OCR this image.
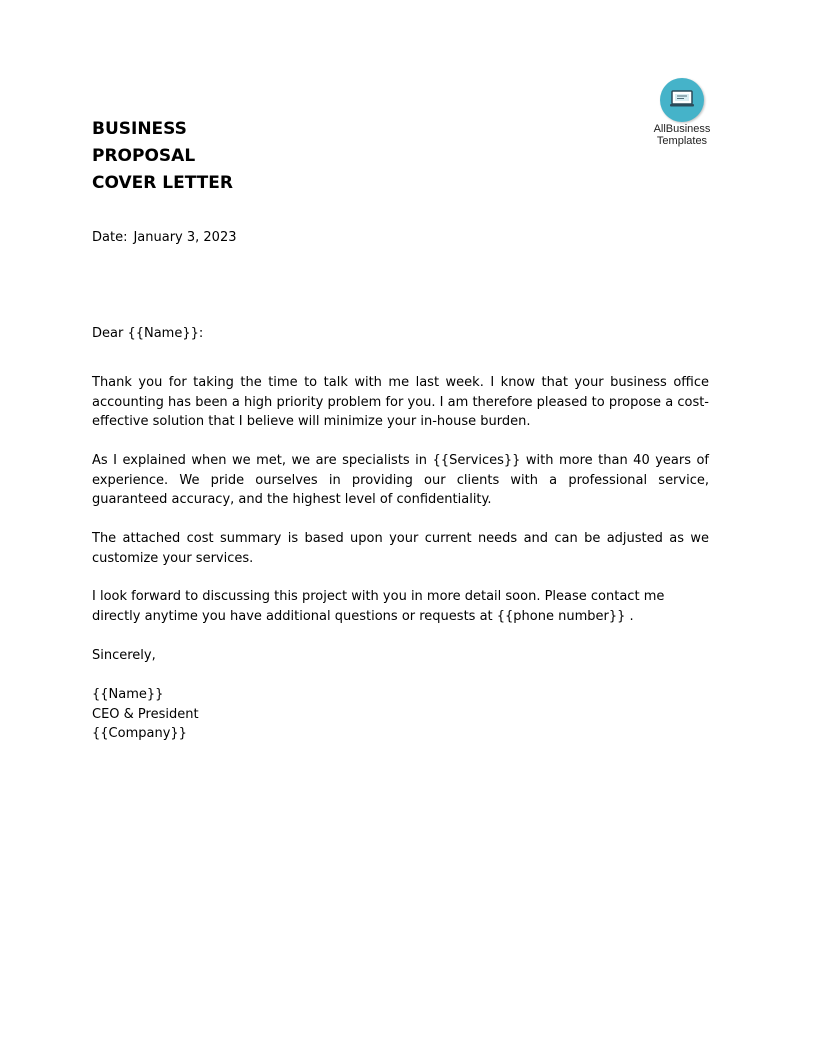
BUSINESS
PROPOSAL
COVER LETTER
AllBusiness
Templates

Date: January 3, 2023

Dear {{Name}}:

Thank you for taking the time to talk with me last week. I know that your business office accounting has been a high priority problem for you. I am therefore pleased to propose a cost-effective solution that I believe will minimize your in-house burden.

As I explained when we met, we are specialists in {{Services}} with more than 40 years of experience. We pride ourselves in providing our clients with a professional service, guaranteed accuracy, and the highest level of confidentiality.

The attached cost summary is based upon your current needs and can be adjusted as we customize your services.

I look forward to discussing this project with you in more detail soon. Please contact me directly anytime you have additional questions or requests at {{phone number}} .

Sincerely,

{{Name}}
CEO & President
{{Company}}
